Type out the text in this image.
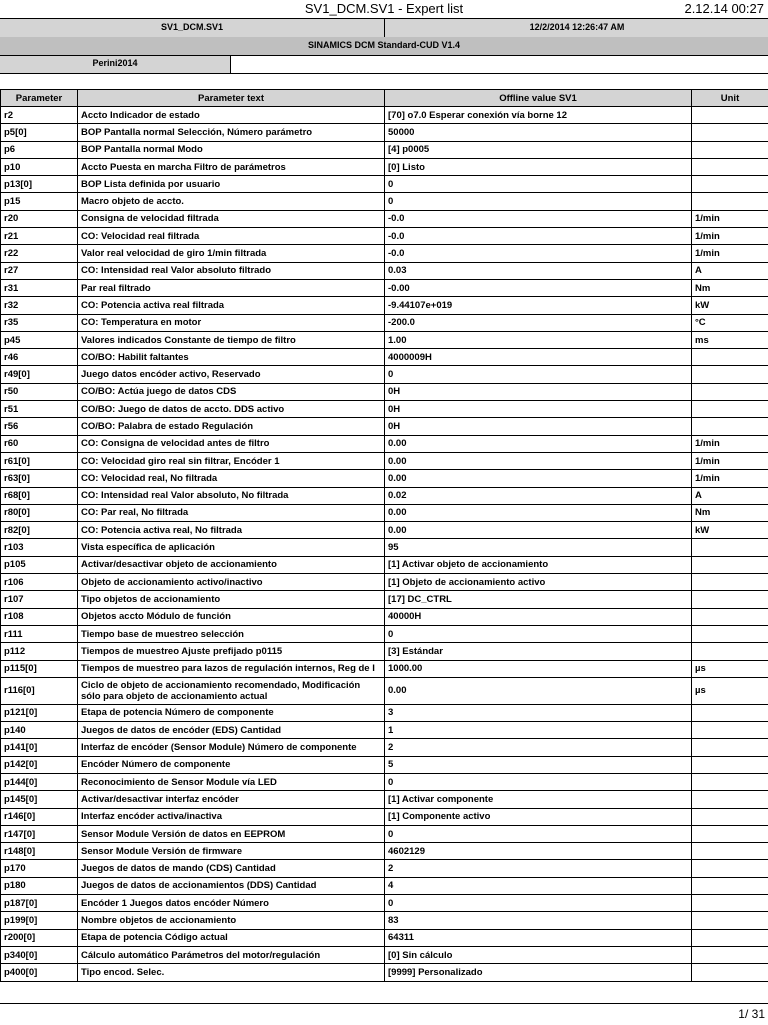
SV1_DCM.SV1 - Expert list	2.12.14 00:27
SV1_DCM.SV1	12/2/2014 12:26:47 AM
SINAMICS DCM Standard-CUD V1.4
Perini2014
Parameter	Parameter text	Offline value SV1	Unit
r2	Accto Indicador de estado	[70] o7.0 Esperar conexión vía borne 12	
p5[0]	BOP Pantalla normal Selección, Número parámetro	50000	
p6	BOP Pantalla normal Modo	[4] p0005	
p10	Accto Puesta en marcha Filtro de parámetros	[0] Listo	
p13[0]	BOP Lista definida por usuario	0	
p15	Macro objeto de accto.	0	
r20	Consigna de velocidad filtrada	-0.0	1/min
r21	CO: Velocidad real filtrada	-0.0	1/min
r22	Valor real velocidad de giro 1/min filtrada	-0.0	1/min
r27	CO: Intensidad real Valor absoluto filtrado	0.03	A
r31	Par real filtrado	-0.00	Nm
r32	CO: Potencia activa real filtrada	-9.44107e+019	kW
r35	CO: Temperatura en motor	-200.0	°C
p45	Valores indicados Constante de tiempo de filtro	1.00	ms
r46	CO/BO: Habilit faltantes	4000009H	
r49[0]	Juego datos encóder activo, Reservado	0	
r50	CO/BO: Actúa juego de datos CDS	0H	
r51	CO/BO: Juego de datos de accto. DDS activo	0H	
r56	CO/BO: Palabra de estado Regulación	0H	
r60	CO: Consigna de velocidad antes de filtro	0.00	1/min
r61[0]	CO: Velocidad giro real sin filtrar, Encóder 1	0.00	1/min
r63[0]	CO: Velocidad real, No filtrada	0.00	1/min
r68[0]	CO: Intensidad real Valor absoluto, No filtrada	0.02	A
r80[0]	CO: Par real, No filtrada	0.00	Nm
r82[0]	CO: Potencia activa real, No filtrada	0.00	kW
r103	Vista específica de aplicación	95	
p105	Activar/desactivar objeto de accionamiento	[1] Activar objeto de accionamiento	
r106	Objeto de accionamiento activo/inactivo	[1] Objeto de accionamiento activo	
r107	Tipo objetos de accionamiento	[17] DC_CTRL	
r108	Objetos accto Módulo de función	40000H	
r111	Tiempo base de muestreo selección	0	
p112	Tiempos de muestreo Ajuste prefijado p0115	[3] Estándar	
p115[0]	Tiempos de muestreo para lazos de regulación internos, Reg de I	1000.00	µs
r116[0]	Ciclo de objeto de accionamiento recomendado, Modificación sólo para objeto de accionamiento actual	0.00	µs
p121[0]	Etapa de potencia Número de componente	3	
p140	Juegos de datos de encóder (EDS) Cantidad	1	
p141[0]	Interfaz de encóder (Sensor Module) Número de componente	2	
p142[0]	Encóder Número de componente	5	
p144[0]	Reconocimiento de Sensor Module vía LED	0	
p145[0]	Activar/desactivar interfaz encóder	[1] Activar componente	
r146[0]	Interfaz encóder activa/inactiva	[1] Componente activo	
r147[0]	Sensor Module Versión de datos en EEPROM	0	
r148[0]	Sensor Module Versión de firmware	4602129	
p170	Juegos de datos de mando (CDS) Cantidad	2	
p180	Juegos de datos de accionamientos (DDS) Cantidad	4	
p187[0]	Encóder 1 Juegos datos encóder Número	0	
p199[0]	Nombre objetos de accionamiento	83	
r200[0]	Etapa de potencia Código actual	64311	
p340[0]	Cálculo automático Parámetros del motor/regulación	[0] Sin cálculo	
p400[0]	Tipo encod. Selec.	[9999] Personalizado	
1/ 31
